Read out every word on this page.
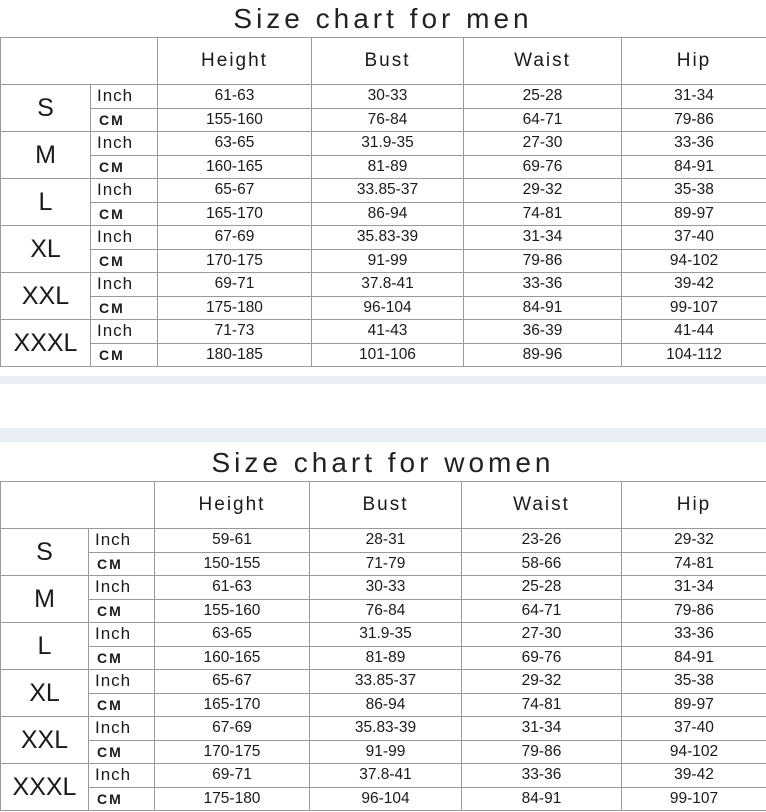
Size chart for men
		Height	Bust	Waist	Hip
S	Inch	61-63	30-33	25-28	31-34
	CM	155-160	76-84	64-71	79-86
M	Inch	63-65	31.9-35	27-30	33-36
	CM	160-165	81-89	69-76	84-91
L	Inch	65-67	33.85-37	29-32	35-38
	CM	165-170	86-94	74-81	89-97
XL	Inch	67-69	35.83-39	31-34	37-40
	CM	170-175	91-99	79-86	94-102
XXL	Inch	69-71	37.8-41	33-36	39-42
	CM	175-180	96-104	84-91	99-107
XXXL	Inch	71-73	41-43	36-39	41-44
	CM	180-185	101-106	89-96	104-112
Size chart for women
		Height	Bust	Waist	Hip
S	Inch	59-61	28-31	23-26	29-32
	CM	150-155	71-79	58-66	74-81
M	Inch	61-63	30-33	25-28	31-34
	CM	155-160	76-84	64-71	79-86
L	Inch	63-65	31.9-35	27-30	33-36
	CM	160-165	81-89	69-76	84-91
XL	Inch	65-67	33.85-37	29-32	35-38
	CM	165-170	86-94	74-81	89-97
XXL	Inch	67-69	35.83-39	31-34	37-40
	CM	170-175	91-99	79-86	94-102
XXXL	Inch	69-71	37.8-41	33-36	39-42
	CM	175-180	96-104	84-91	99-107
